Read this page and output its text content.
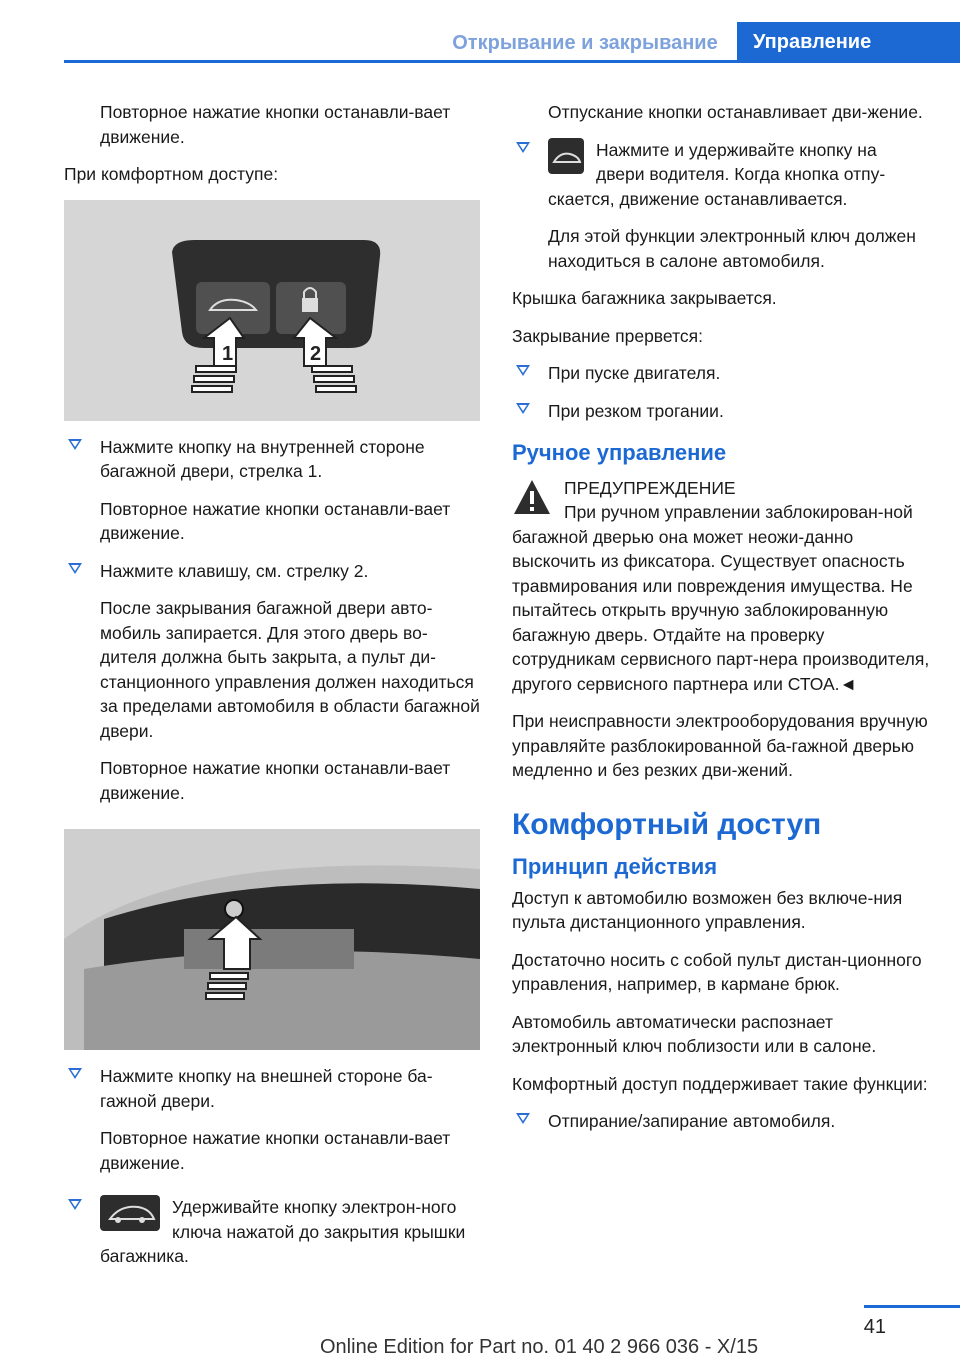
Открывание и закрывание	Управление

Повторное нажатие кнопки останавли-вает движение.

При комфортном доступе:

1	2
Нажмите кнопку на внутренней стороне багажной двери, стрелка 1.

Повторное нажатие кнопки останавли-вает движение.

Нажмите клавишу, см. стрелку 2.

После закрывания багажной двери авто-мобиль запирается. Для этого дверь во-дителя должна быть закрыта, а пульт ди-станционного управления должен находиться за пределами автомобиля в области багажной двери.

Повторное нажатие кнопки останавли-вает движение.

Нажмите кнопку на внешней стороне ба-гажной двери.

Повторное нажатие кнопки останавли-вает движение.

Удерживайте кнопку электрон-ного ключа нажатой до закрытия крышки багажника.

Отпускание кнопки останавливает дви-жение.

Нажмите и удерживайте кнопку на двери водителя. Когда кнопка отпу-скается, движение останавливается.

Для этой функции электронный ключ должен находиться в салоне автомобиля.

Крышка багажника закрывается.

Закрывание прервется:

При пуске двигателя.
При резком трогании.
Ручное управление
ПРЕДУПРЕЖДЕНИЕ
При ручном управлении заблокирован-ной багажной дверью она может неожи-данно выскочить из фиксатора. Существует опасность травмирования или повреждения имущества. Не пытайтесь открыть вручную заблокированную багажную дверь. Отдайте на проверку сотрудникам сервисного парт-нера производителя, другого сервисного партнера или СТОА.◄

При неисправности электрооборудования вручную управляйте разблокированной ба-гажной дверью медленно и без резких дви-жений.

Комфортный доступ
Принцип действия

Доступ к автомобилю возможен без включе-ния пульта дистанционного управления.

Достаточно носить с собой пульт дистан-ционного управления, например, в кармане брюк.

Автомобиль автоматически распознает электронный ключ поблизости или в салоне.

Комфортный доступ поддерживает такие функции:

Отпирание/запирание автомобиля.
41
Online Edition for Part no. 01 40 2 966 036 - X/15
